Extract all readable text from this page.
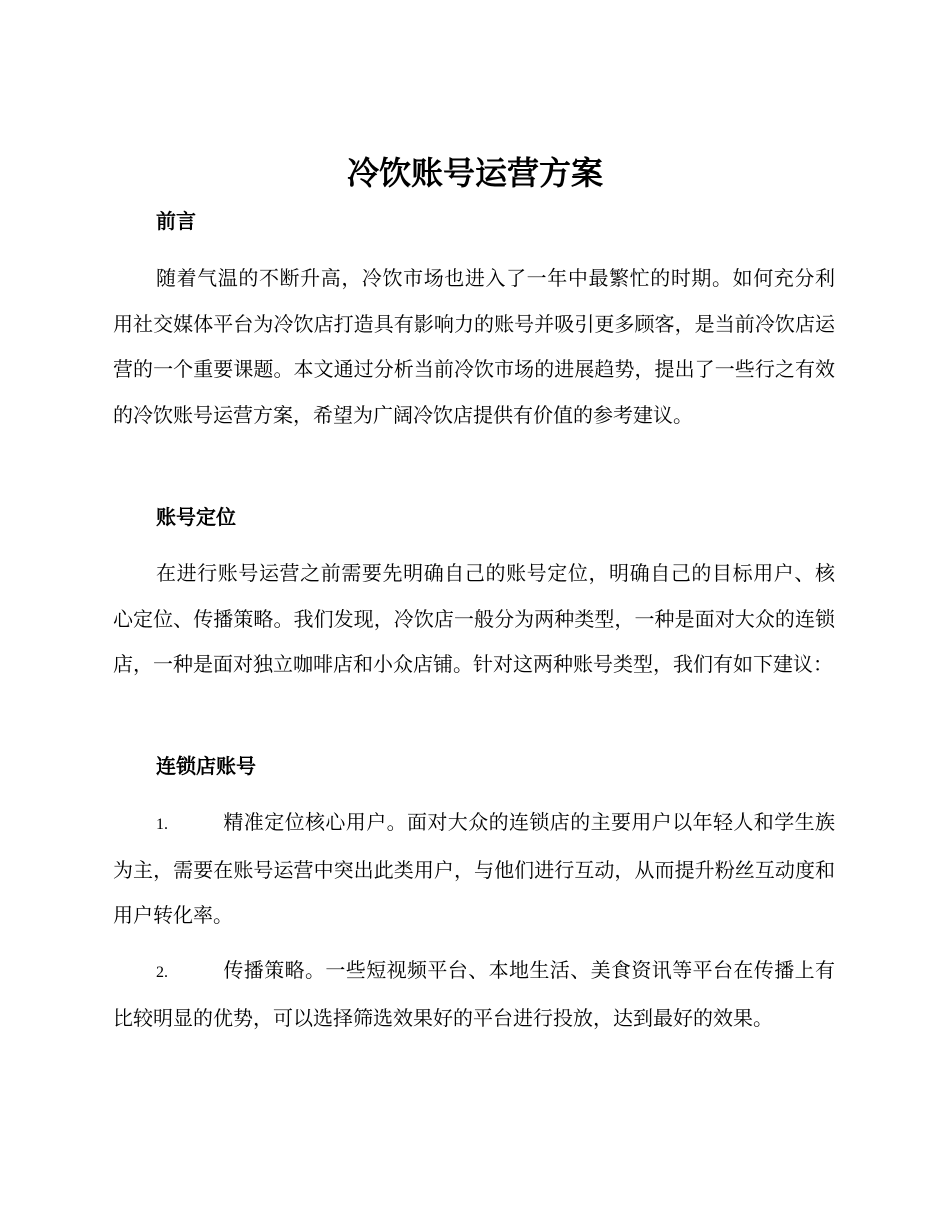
冷饮账号运营方案
前言

随着气温的不断升高，冷饮市场也进入了一年中最繁忙的时期。如何充分利用社交媒体平台为冷饮店打造具有影响力的账号并吸引更多顾客，是当前冷饮店运营的一个重要课题。本文通过分析当前冷饮市场的进展趋势，提出了一些行之有效的冷饮账号运营方案，希望为广阔冷饮店提供有价值的参考建议。

账号定位

在进行账号运营之前需要先明确自己的账号定位，明确自己的目标用户、核心定位、传播策略。我们发现，冷饮店一般分为两种类型，一种是面对大众的连锁店，一种是面对独立咖啡店和小众店铺。针对这两种账号类型，我们有如下建议：

连锁店账号

1.	精准定位核心用户。面对大众的连锁店的主要用户以年轻人和学生族为主，需要在账号运营中突出此类用户，与他们进行互动，从而提升粉丝互动度和用户转化率。

2.	传播策略。一些短视频平台、本地生活、美食资讯等平台在传播上有比较明显的优势，可以选择筛选效果好的平台进行投放，达到最好的效果。
